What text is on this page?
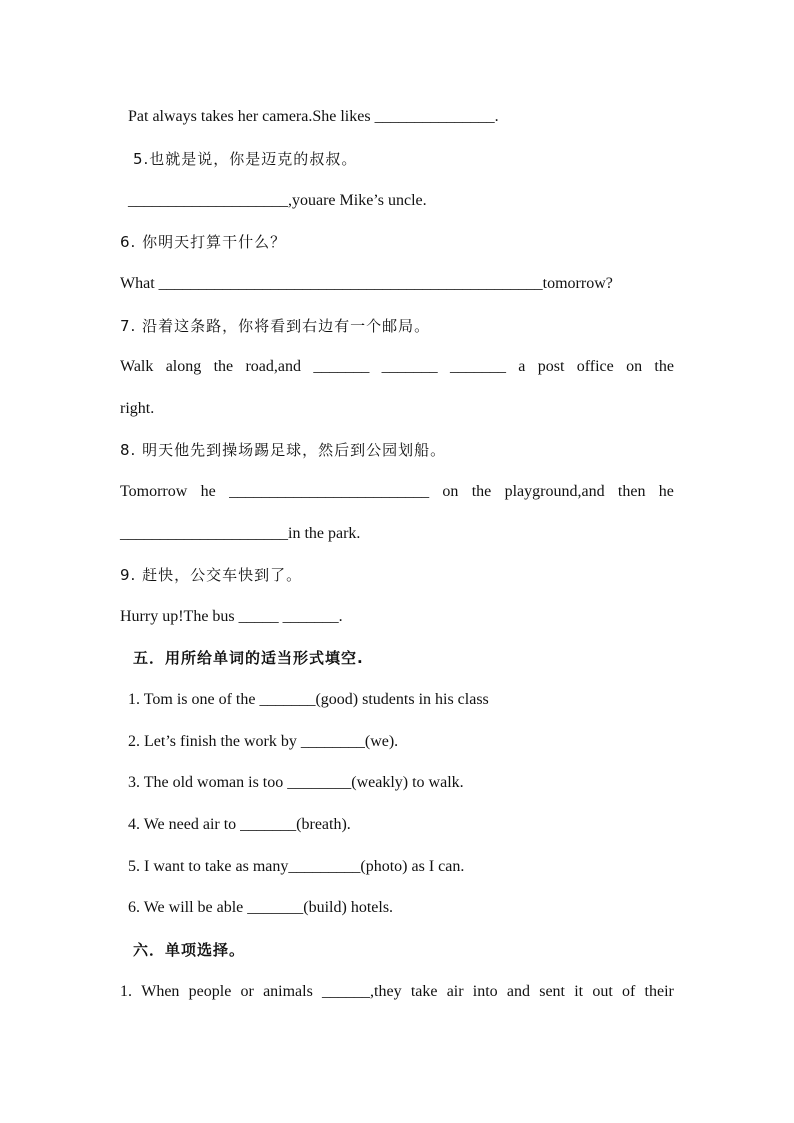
Pat always takes her camera.She likes _______________.
5.也就是说，你是迈克的叔叔。
____________________,youare Mike’s uncle.
6. 你明天打算干什么？
What ________________________________________________tomorrow?
7. 沿着这条路，你将看到右边有一个邮局。
Walk along the road,and _______ _______ _______ a post office on the
right.
8. 明天他先到操场踢足球，然后到公园划船。
Tomorrow he _________________________ on the playground,and then he
_____________________in the park.
9. 赶快，公交车快到了。
Hurry up!The bus _____ _______.
五．用所给单词的适当形式填空.
1. Tom is one of the _______(good) students in his class
2. Let’s finish the work by ________(we).
3. The old woman is too ________(weakly) to walk.
4. We need air to _______(breath).
5. I want to take as many_________(photo) as I can.
6. We will be able _______(build) hotels.
六．单项选择。
1. When people or animals ______,they take air into and sent it out of their
